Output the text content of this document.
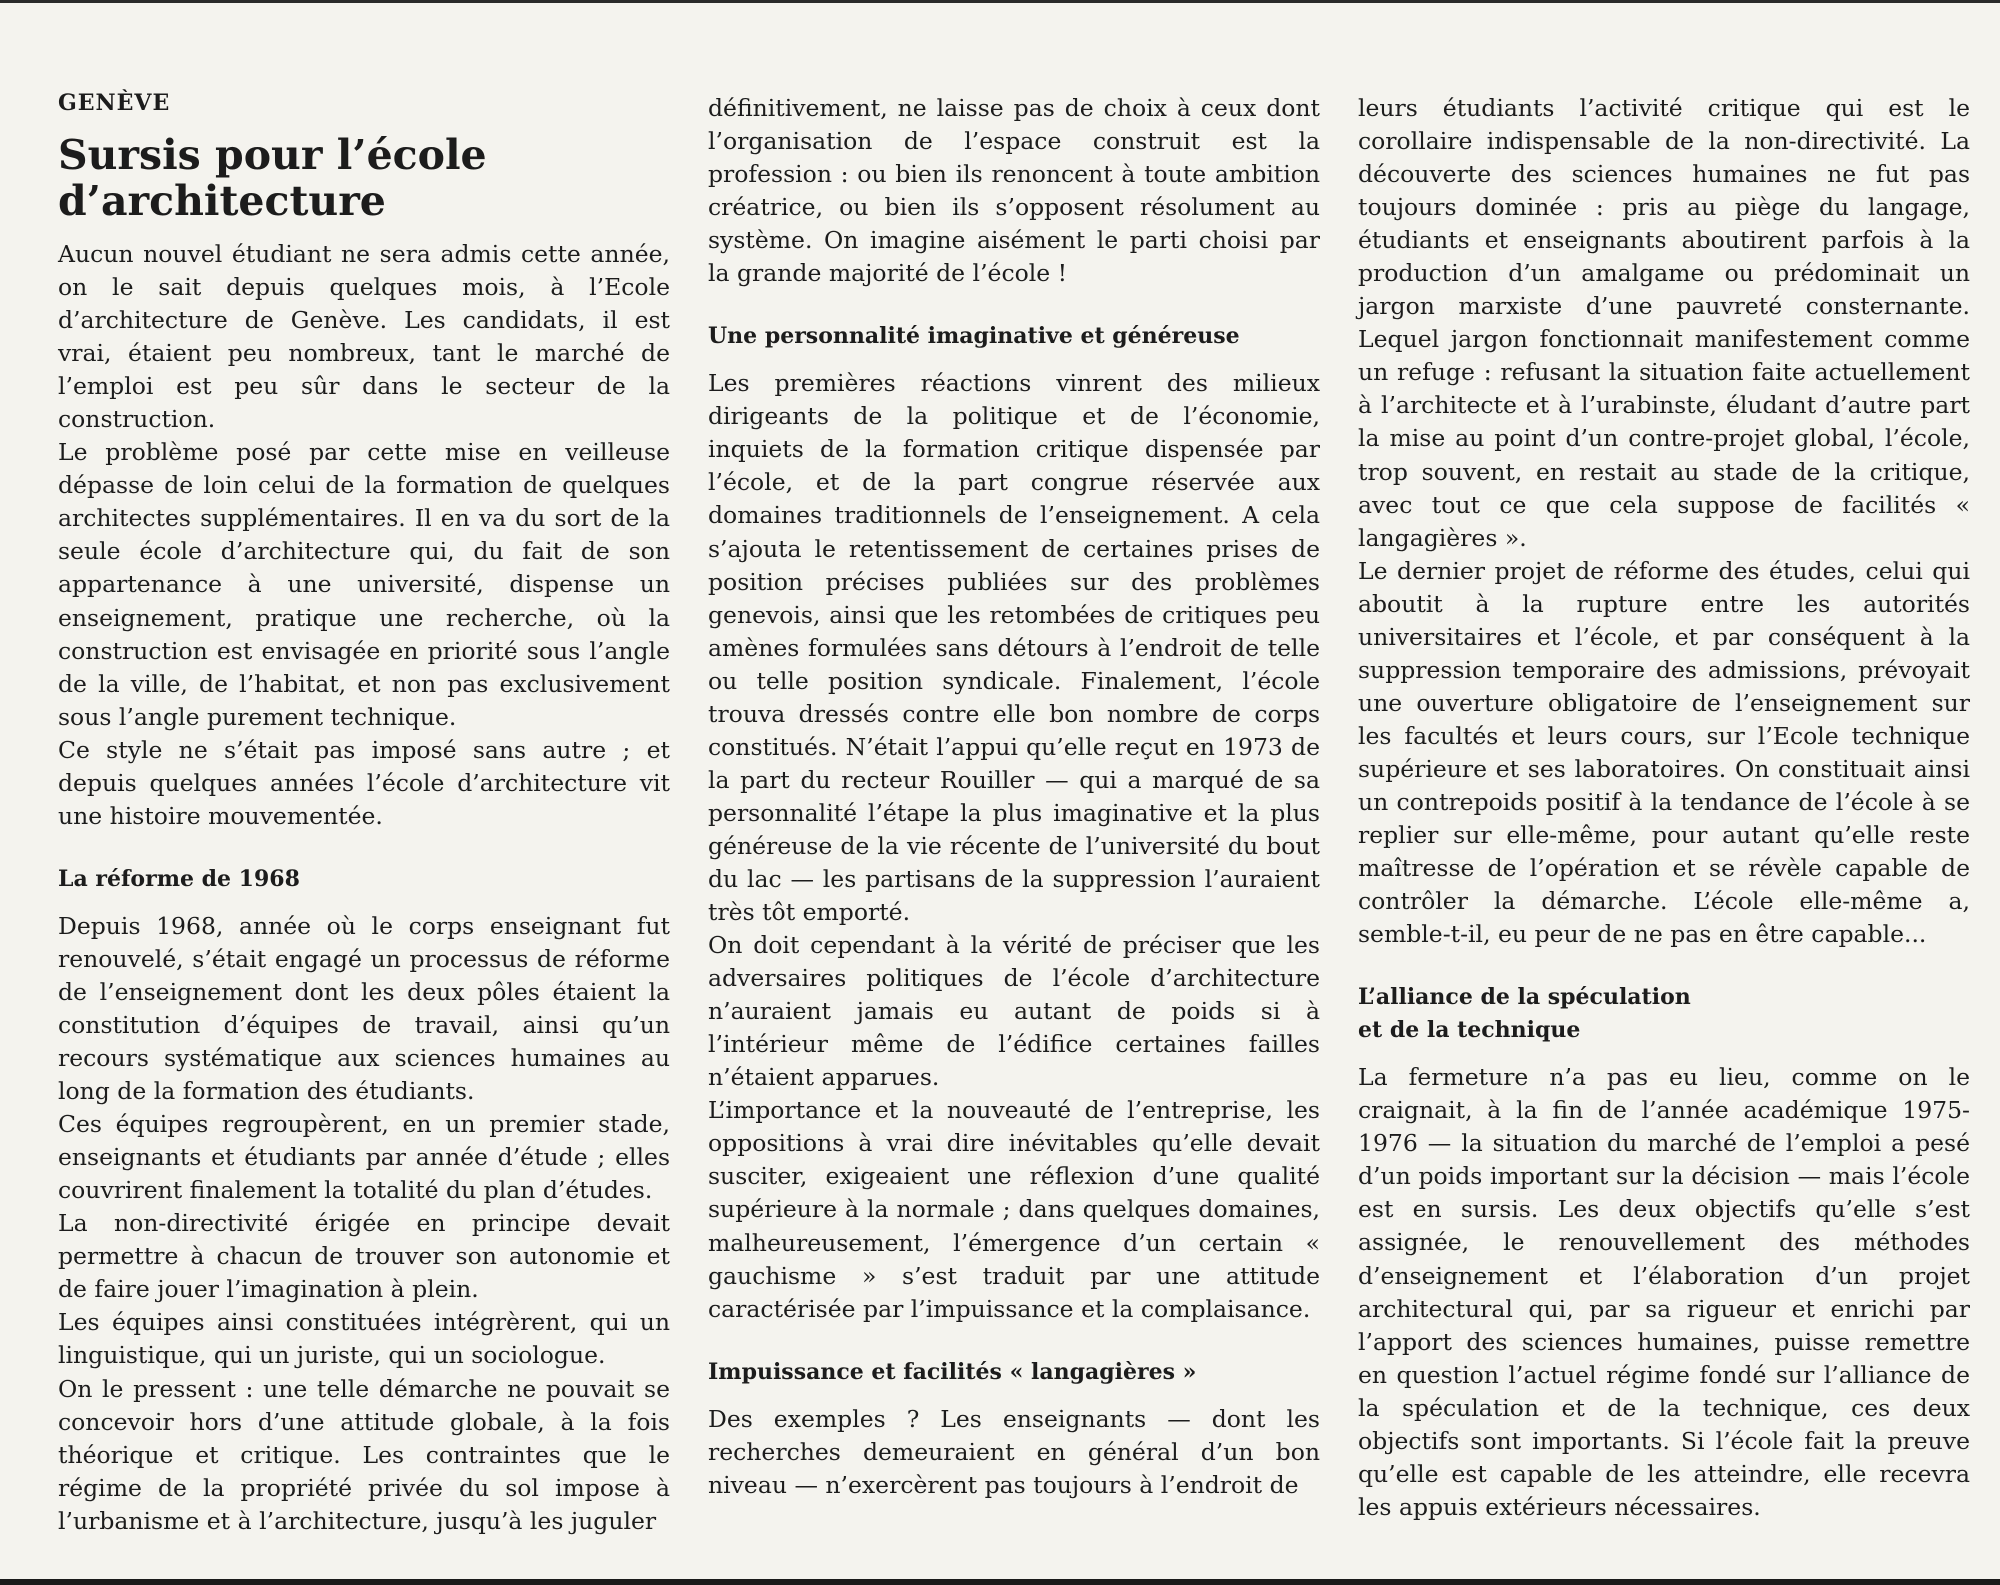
GENÈVE
Sursis pour l’école d’architecture

Aucun nouvel étudiant ne sera admis cette année, on le sait depuis quelques mois, à l’Ecole d’architecture de Genève. Les candidats, il est vrai, étaient peu nombreux, tant le marché de l’emploi est peu sûr dans le secteur de la construction.

Le problème posé par cette mise en veilleuse dépasse de loin celui de la formation de quelques architectes supplémentaires. Il en va du sort de la seule école d’architecture qui, du fait de son appartenance à une université, dispense un enseignement, pratique une recherche, où la construction est envisagée en priorité sous l’angle de la ville, de l’habitat, et non pas exclusivement sous l’angle purement technique.

Ce style ne s’était pas imposé sans autre ; et depuis quelques années l’école d’architecture vit une histoire mouvementée.

La réforme de 1968

Depuis 1968, année où le corps enseignant fut renouvelé, s’était engagé un processus de réforme de l’enseignement dont les deux pôles étaient la constitution d’équipes de travail, ainsi qu’un recours systématique aux sciences humaines au long de la formation des étudiants.

Ces équipes regroupèrent, en un premier stade, enseignants et étudiants par année d’étude ; elles couvrirent finalement la totalité du plan d’études.

La non-directivité érigée en principe devait permettre à chacun de trouver son autonomie et de faire jouer l’imagination à plein.

Les équipes ainsi constituées intégrèrent, qui un linguistique, qui un juriste, qui un sociologue.

On le pressent : une telle démarche ne pouvait se concevoir hors d’une attitude globale, à la fois théorique et critique. Les contraintes que le régime de la propriété privée du sol impose à l’urbanisme et à l’architecture, jusqu’à les juguler

définitivement, ne laisse pas de choix à ceux dont l’organisation de l’espace construit est la profession : ou bien ils renoncent à toute ambition créatrice, ou bien ils s’opposent résolument au système. On imagine aisément le parti choisi par la grande majorité de l’école !

Une personnalité imaginative et généreuse

Les premières réactions vinrent des milieux dirigeants de la politique et de l’économie, inquiets de la formation critique dispensée par l’école, et de la part congrue réservée aux domaines traditionnels de l’enseignement. A cela s’ajouta le retentissement de certaines prises de position précises publiées sur des problèmes genevois, ainsi que les retombées de critiques peu amènes formulées sans détours à l’endroit de telle ou telle position syndicale. Finalement, l’école trouva dressés contre elle bon nombre de corps constitués. N’était l’appui qu’elle reçut en 1973 de la part du recteur Rouiller — qui a marqué de sa personnalité l’étape la plus imaginative et la plus généreuse de la vie récente de l’université du bout du lac — les partisans de la suppression l’auraient très tôt emporté.

On doit cependant à la vérité de préciser que les adversaires politiques de l’école d’architecture n’auraient jamais eu autant de poids si à l’intérieur même de l’édifice certaines failles n’étaient apparues.

L’importance et la nouveauté de l’entreprise, les oppositions à vrai dire inévitables qu’elle devait susciter, exigeaient une réflexion d’une qualité supérieure à la normale ; dans quelques domaines, malheureusement, l’émergence d’un certain « gauchisme » s’est traduit par une attitude caractérisée par l’impuissance et la complaisance.

Impuissance et facilités « langagières »

Des exemples ? Les enseignants — dont les recherches demeuraient en général d’un bon niveau — n’exercèrent pas toujours à l’endroit de

leurs étudiants l’activité critique qui est le corollaire indispensable de la non-directivité. La découverte des sciences humaines ne fut pas toujours dominée : pris au piège du langage, étudiants et enseignants aboutirent parfois à la production d’un amalgame ou prédominait un jargon marxiste d’une pauvreté consternante. Lequel jargon fonctionnait manifestement comme un refuge : refusant la situation faite actuellement à l’architecte et à l’urabinste, éludant d’autre part la mise au point d’un contre-projet global, l’école, trop souvent, en restait au stade de la critique, avec tout ce que cela suppose de facilités « langagières ».

Le dernier projet de réforme des études, celui qui aboutit à la rupture entre les autorités universitaires et l’école, et par conséquent à la suppression temporaire des admissions, prévoyait une ouverture obligatoire de l’enseignement sur les facultés et leurs cours, sur l’Ecole technique supérieure et ses laboratoires. On constituait ainsi un contrepoids positif à la tendance de l’école à se replier sur elle-même, pour autant qu’elle reste maîtresse de l’opération et se révèle capable de contrôler la démarche. L’école elle-même a, semble-t-il, eu peur de ne pas en être capable...

L’alliance de la spéculation
et de la technique

La fermeture n’a pas eu lieu, comme on le craignait, à la fin de l’année académique 1975-1976 — la situation du marché de l’emploi a pesé d’un poids important sur la décision — mais l’école est en sursis. Les deux objectifs qu’elle s’est assignée, le renouvellement des méthodes d’enseignement et l’élaboration d’un projet architectural qui, par sa rigueur et enrichi par l’apport des sciences humaines, puisse remettre en question l’actuel régime fondé sur l’alliance de la spéculation et de la technique, ces deux objectifs sont importants. Si l’école fait la preuve qu’elle est capable de les atteindre, elle recevra les appuis extérieurs nécessaires.
